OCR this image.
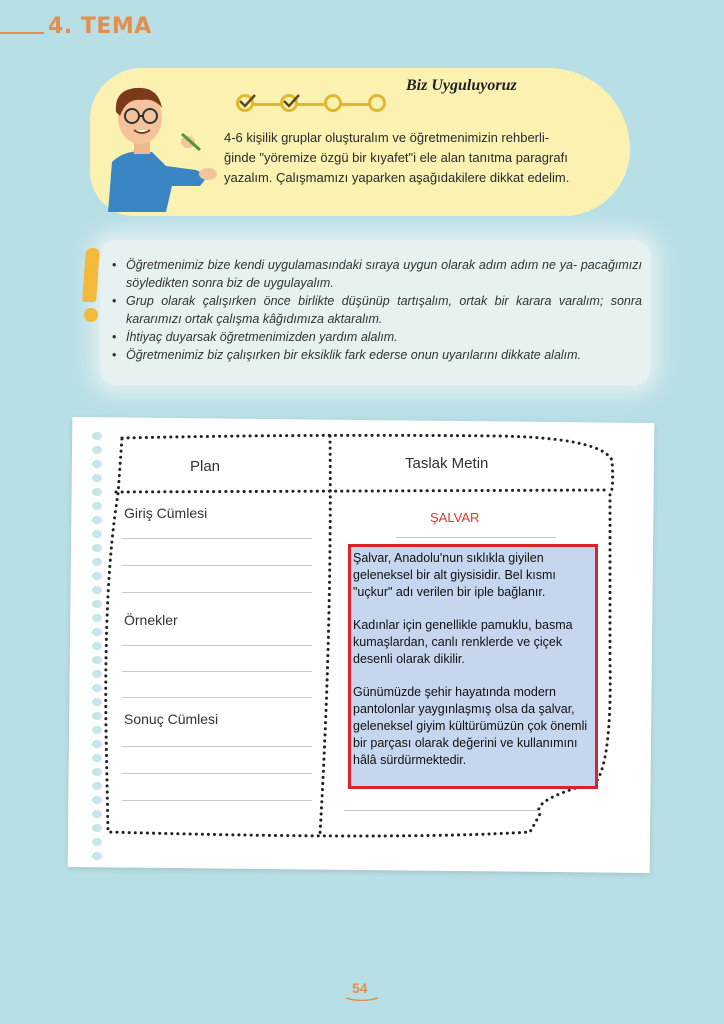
4. TEMA
Biz Uyguluyoruz
4-6 kişilik gruplar oluşturalım ve öğretmenimizin rehberli-
ğinde "yöremize özgü bir kıyafet"i ele alan tanıtma paragrafı
yazalım. Çalışmamızı yaparken aşağıdakilere dikkat edelim.
• Öğretmenimiz bize kendi uygulamasındaki sıraya uygun olarak adım adım ne ya- pacağımızı söyledikten sonra biz de uygulayalım.
• Grup olarak çalışırken önce birlikte düşünüp tartışalım, ortak bir karara varalım; sonra kararımızı ortak çalışma kâğıdımıza aktaralım.
• İhtiyaç duyarsak öğretmenimizden yardım alalım.
• Öğretmenimiz biz çalışırken bir eksiklik fark ederse onun uyarılarını dikkate alalım.
Plan	Taslak Metin
Giriş Cümlesi
Örnekler
Sonuç Cümlesi
ŞALVAR

Şalvar, Anadolu'nun sıklıkla giyilen geleneksel bir alt giysisidir. Bel kısmı "uçkur" adı verilen bir iple bağlanır.

Kadınlar için genellikle pamuklu, basma kumaşlardan, canlı renklerde ve çiçek desenli olarak dikilir.

Günümüzde şehir hayatında modern pantolonlar yaygınlaşmış olsa da şalvar, geleneksel giyim kültürümüzün çok önemli bir parçası olarak değerini ve kullanımını hâlâ sürdürmektedir.

54
